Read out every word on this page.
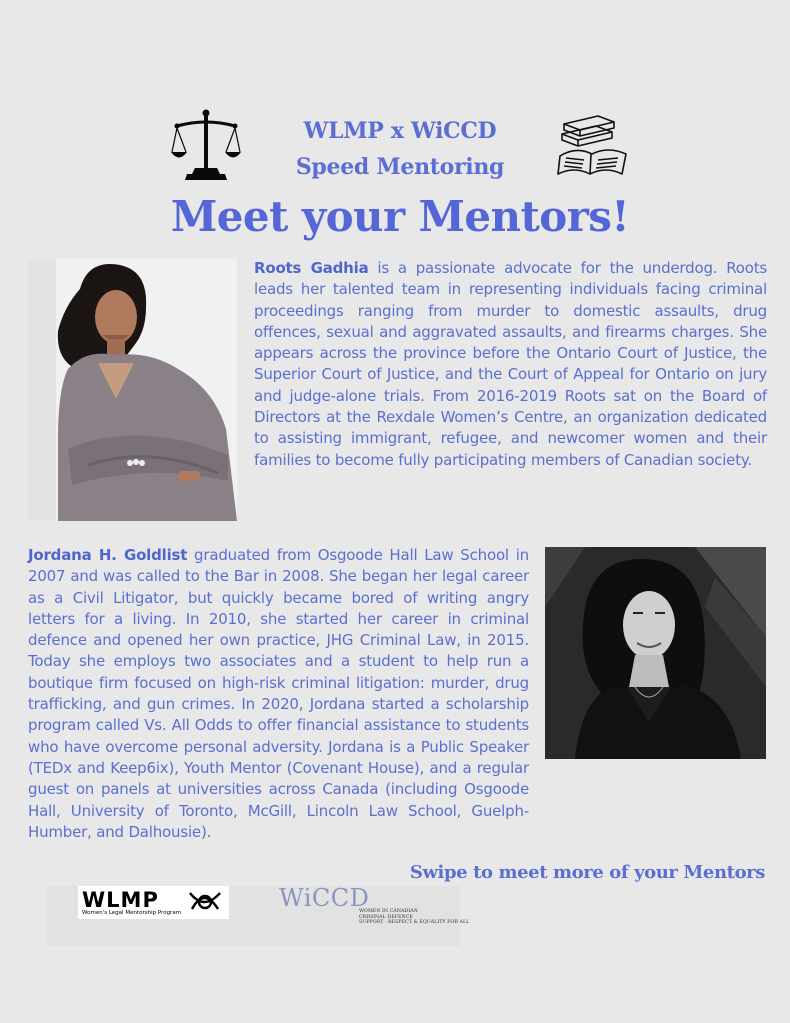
WLMP x WiCCD
Speed Mentoring
Meet your Mentors!

Roots Gadhia is a passionate advocate for the underdog. Roots leads her talented team in representing individuals facing criminal proceedings ranging from murder to domestic assaults, drug offences, sexual and aggravated assaults, and firearms charges. She appears across the province before the Ontario Court of Justice, the Superior Court of Justice, and the Court of Appeal for Ontario on jury and judge-alone trials. From 2016-2019 Roots sat on the Board of Directors at the Rexdale Women’s Centre, an organization dedicated to assisting immigrant, refugee, and newcomer women and their families to become fully participating members of Canadian society.

Jordana H. Goldlist graduated from Osgoode Hall Law School in 2007 and was called to the Bar in 2008. She began her legal career as a Civil Litigator, but quickly became bored of writing angry letters for a living. In 2010, she started her career in criminal defence and opened her own practice, JHG Criminal Law, in 2015. Today she employs two associates and a student to help run a boutique firm focused on high-risk criminal litigation: murder, drug trafficking, and gun crimes. In 2020, Jordana started a scholarship program called Vs. All Odds to offer financial assistance to students who have overcome personal adversity. Jordana is a Public Speaker (TEDx and Keep6ix), Youth Mentor (Covenant House), and a regular guest on panels at universities across Canada (including Osgoode Hall, University of Toronto, McGill, Lincoln Law School, Guelph-Humber, and Dalhousie).

Swipe to meet more of your Mentors
WLMP
Women's Legal Mentorship Program
WiCCD
WOMEN IN CANADIAN
CRIMINAL DEFENCE
SUPPORT · RESPECT & EQUALITY FOR ALL
